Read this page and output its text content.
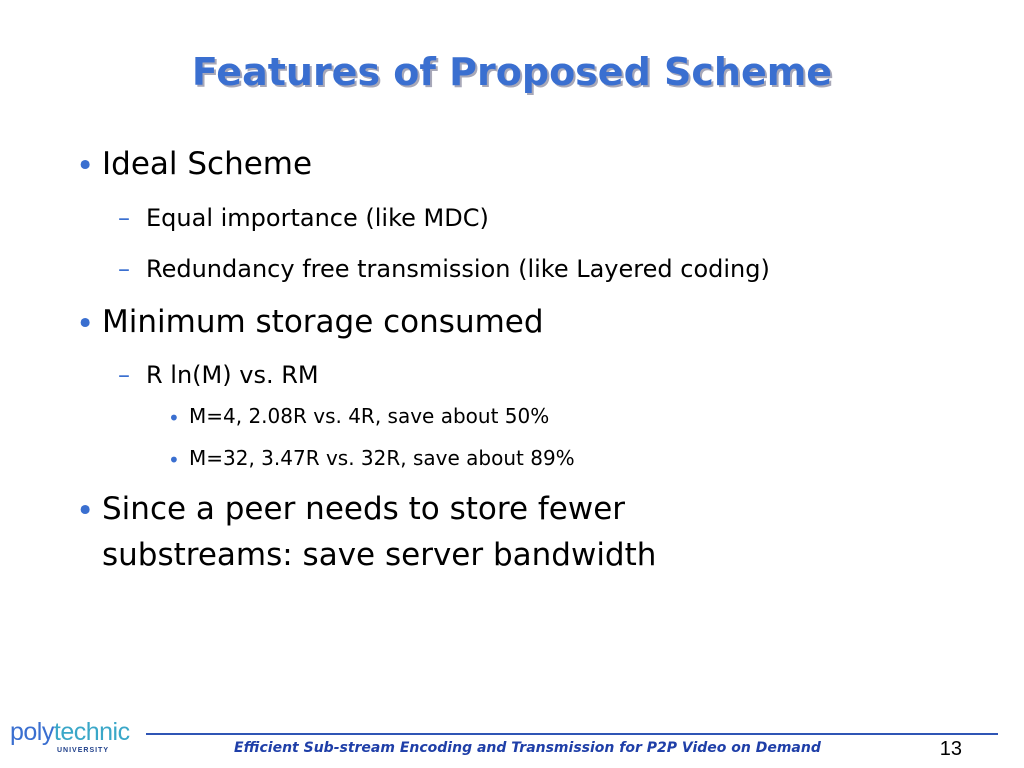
Features of Proposed Scheme
• Ideal Scheme
– Equal importance (like MDC)
– Redundancy free transmission (like Layered coding)
• Minimum storage consumed
– R ln(M) vs. RM
• M=4, 2.08R vs. 4R, save about 50%
• M=32, 3.47R vs. 32R, save about 89%
• Since a peer needs to store fewer
substreams: save server bandwidth
polytechnic
UNIVERSITY	Efficient Sub-stream Encoding and Transmission for P2P Video on Demand	13
